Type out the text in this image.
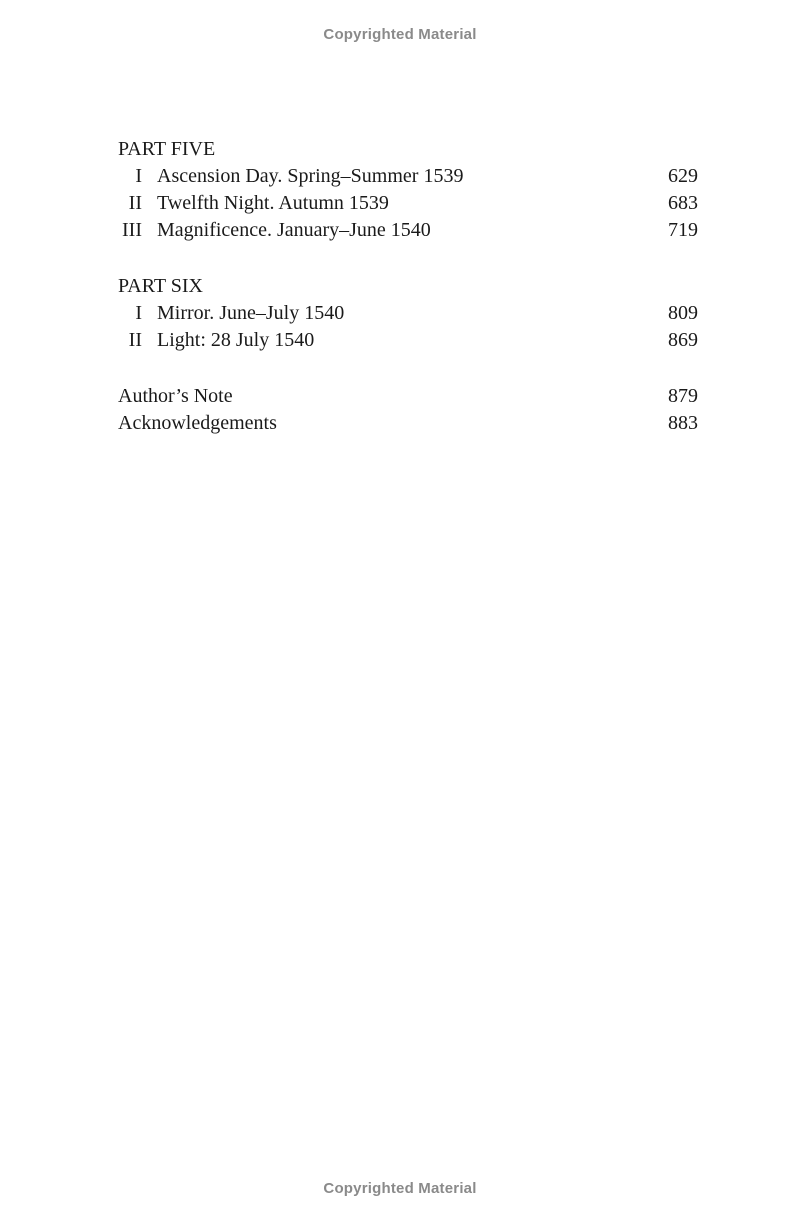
Copyrighted Material
PART FIVE
I Ascension Day. Spring–Summer 1539	629
II Twelfth Night. Autumn 1539	683
III Magnificence. January–June 1540	719
PART SIX
I Mirror. June–July 1540	809
II Light: 28 July 1540	869
Author’s Note	879
Acknowledgements	883
Copyrighted Material
